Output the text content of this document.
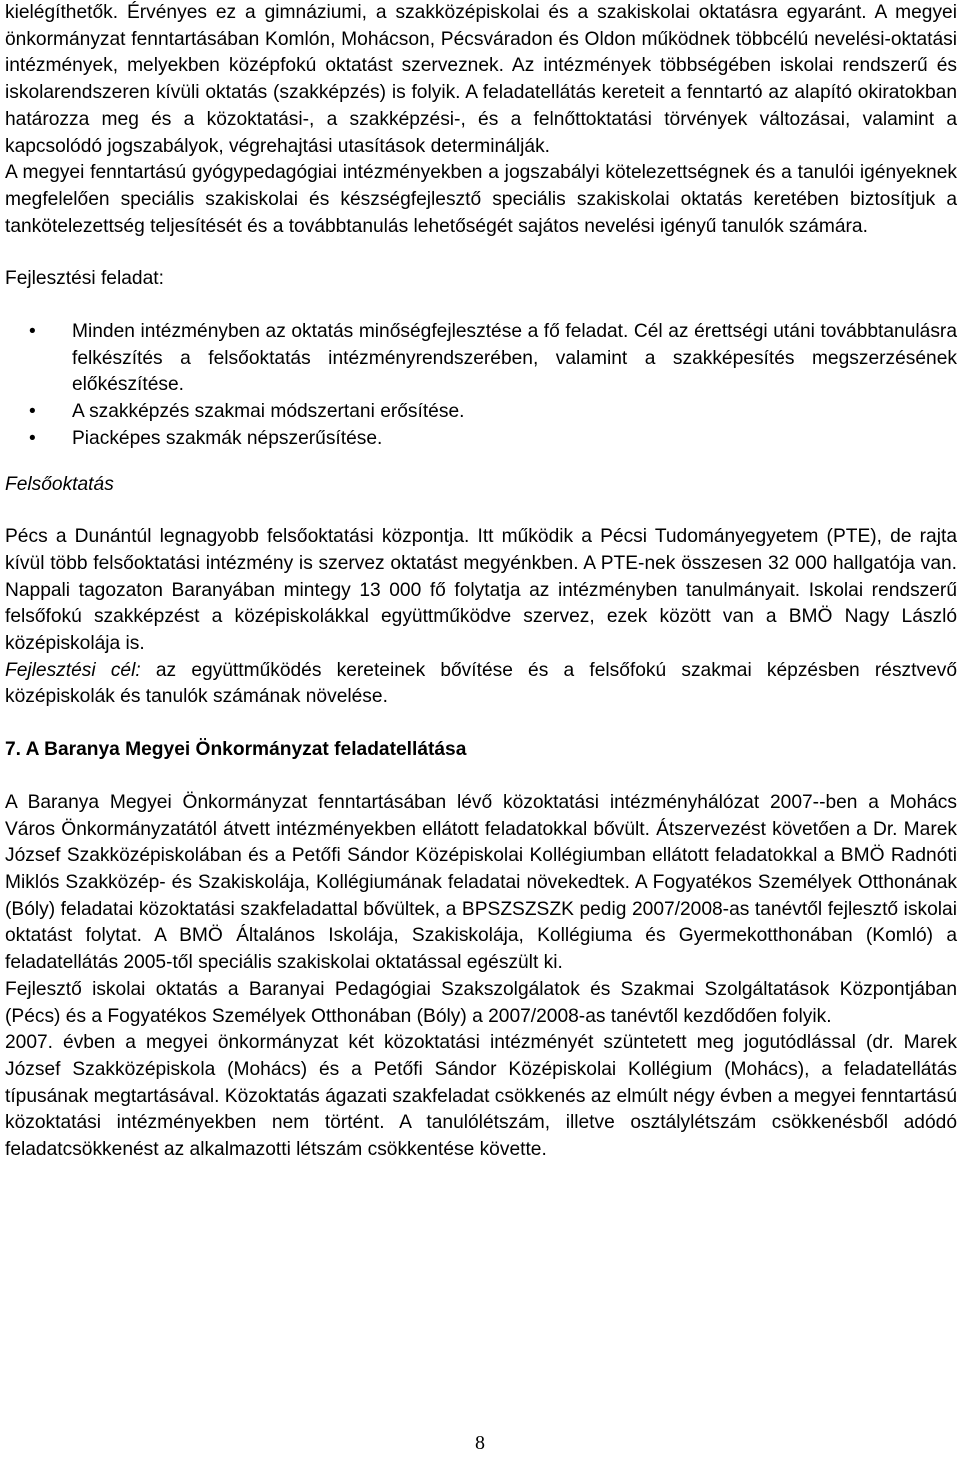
kielégíthetők. Érvényes ez a gimnáziumi, a szakközépiskolai és a szakiskolai oktatásra egyaránt. A megyei önkormányzat fenntartásában Komlón, Mohácson, Pécsváradon és Oldon működnek többcélú nevelési-oktatási intézmények, melyekben középfokú oktatást szerveznek. Az intézmények többségében iskolai rendszerű és iskolarendszeren kívüli oktatás (szakképzés) is folyik. A feladatellátás kereteit a fenntartó az alapító okiratokban határozza meg és a közoktatási-, a szakképzési-, és a felnőttoktatási törvények változásai, valamint a kapcsolódó jogszabályok, végrehajtási utasítások determinálják.

A megyei fenntartású gyógypedagógiai intézményekben a jogszabályi kötelezettségnek és a tanulói igényeknek megfelelően speciális szakiskolai és készségfejlesztő speciális szakiskolai oktatás keretében biztosítjuk a tankötelezettség teljesítését és a továbbtanulás lehetőségét sajátos nevelési igényű tanulók számára.

Fejlesztési feladat:

• Minden intézményben az oktatás minőségfejlesztése a fő feladat. Cél az érettségi utáni továbbtanulásra felkészítés a felsőoktatás intézményrendszerében, valamint a szakképesítés megszerzésének előkészítése.
• A szakképzés szakmai módszertani erősítése.
• Piacképes szakmák népszerűsítése.

Felsőoktatás

Pécs a Dunántúl legnagyobb felsőoktatási központja. Itt működik a Pécsi Tudományegyetem (PTE), de rajta kívül több felsőoktatási intézmény is szervez oktatást megyénkben. A PTE-nek összesen 32 000 hallgatója van. Nappali tagozaton Baranyában mintegy 13 000 fő folytatja az intézményben tanulmányait. Iskolai rendszerű felsőfokú szakképzést a középiskolákkal együttműködve szervez, ezek között van a BMÖ Nagy László középiskolája is.

Fejlesztési cél: az együttműködés kereteinek bővítése és a felsőfokú szakmai képzésben résztvevő középiskolák és tanulók számának növelése.

7. A Baranya Megyei Önkormányzat feladatellátása

A Baranya Megyei Önkormányzat fenntartásában lévő közoktatási intézményhálózat 2007--ben a Mohács Város Önkormányzatától átvett intézményekben ellátott feladatokkal bővült. Átszervezést követően a Dr. Marek József Szakközépiskolában és a Petőfi Sándor Középiskolai Kollégiumban ellátott feladatokkal a BMÖ Radnóti Miklós Szakközép- és Szakiskolája, Kollégiumának feladatai növekedtek. A Fogyatékos Személyek Otthonának (Bóly) feladatai közoktatási szakfeladattal bővültek, a BPSZSZSZK pedig 2007/2008-as tanévtől fejlesztő iskolai oktatást folytat. A BMÖ Általános Iskolája, Szakiskolája, Kollégiuma és Gyermekotthonában (Komló) a feladatellátás 2005-től speciális szakiskolai oktatással egészült ki.

Fejlesztő iskolai oktatás a Baranyai Pedagógiai Szakszolgálatok és Szakmai Szolgáltatások Központjában (Pécs) és a Fogyatékos Személyek Otthonában (Bóly) a 2007/2008-as tanévtől kezdődően folyik.

2007. évben a megyei önkormányzat két közoktatási intézményét szüntetett meg jogutódlással (dr. Marek József Szakközépiskola (Mohács) és a Petőfi Sándor Középiskolai Kollégium (Mohács), a feladatellátás típusának megtartásával. Közoktatás ágazati szakfeladat csökkenés az elmúlt négy évben a megyei fenntartású közoktatási intézményekben nem történt. A tanulólétszám, illetve osztálylétszám csökkenésből adódó feladatcsökkenést az alkalmazotti létszám csökkentése követte.

8
